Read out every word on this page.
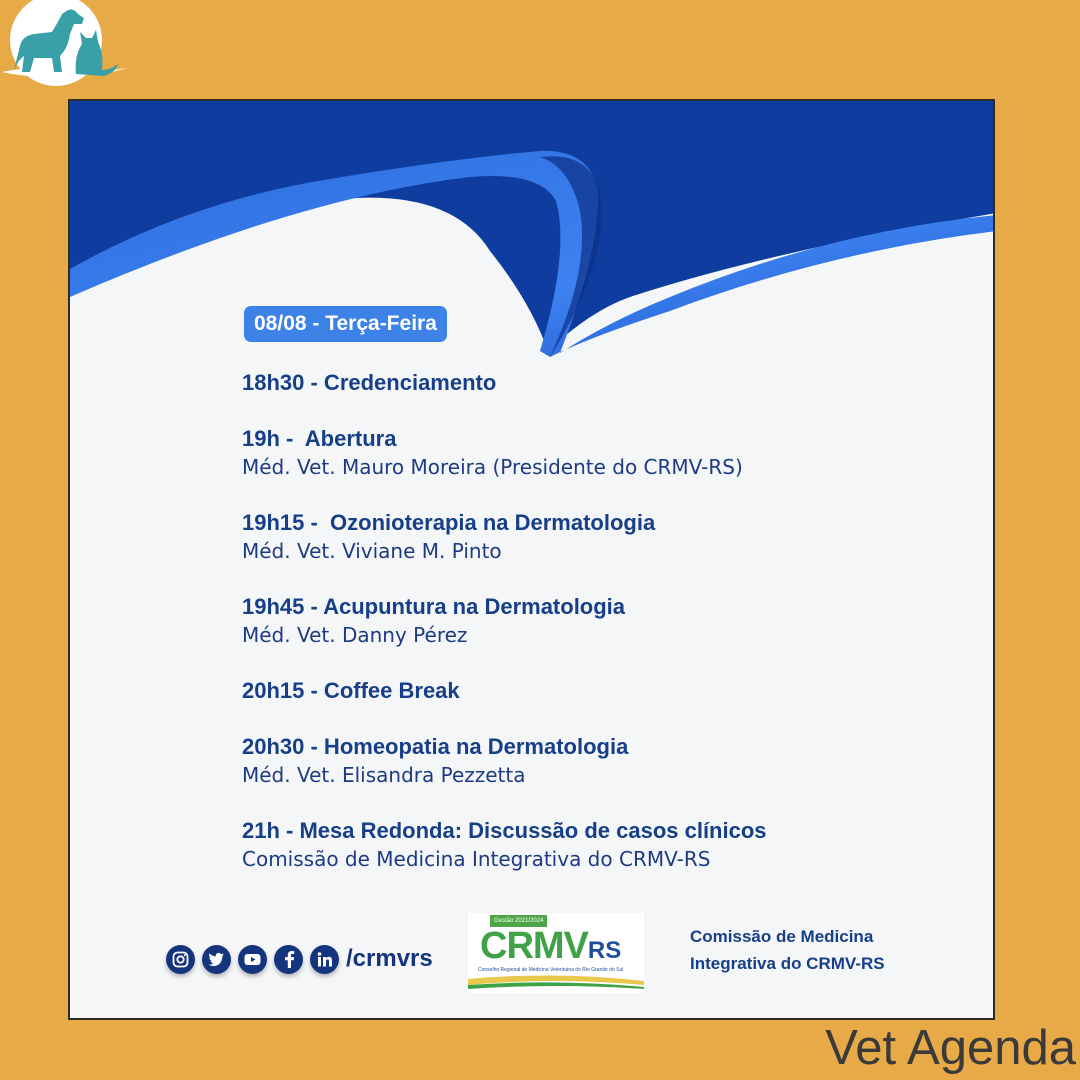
08/08 - Terça-Feira
18h30 - Credenciamento
19h -  Abertura
Méd. Vet. Mauro Moreira (Presidente do CRMV-RS)
19h15 -  Ozonioterapia na Dermatologia
Méd. Vet. Viviane M. Pinto
19h45 - Acupuntura na Dermatologia
Méd. Vet. Danny Pérez
20h15 - Coffee Break
20h30 - Homeopatia na Dermatologia
Méd. Vet. Elisandra Pezzetta
21h - Mesa Redonda: Discussão de casos clínicos
Comissão de Medicina Integrativa do CRMV-RS
/crmvrs
Gestão 2021/2024
CRMVRS
Conselho Regional de Medicina Veterinária do Rio Grande do Sul
Comissão de Medicina
Integrativa do CRMV-RS
Vet Agenda
